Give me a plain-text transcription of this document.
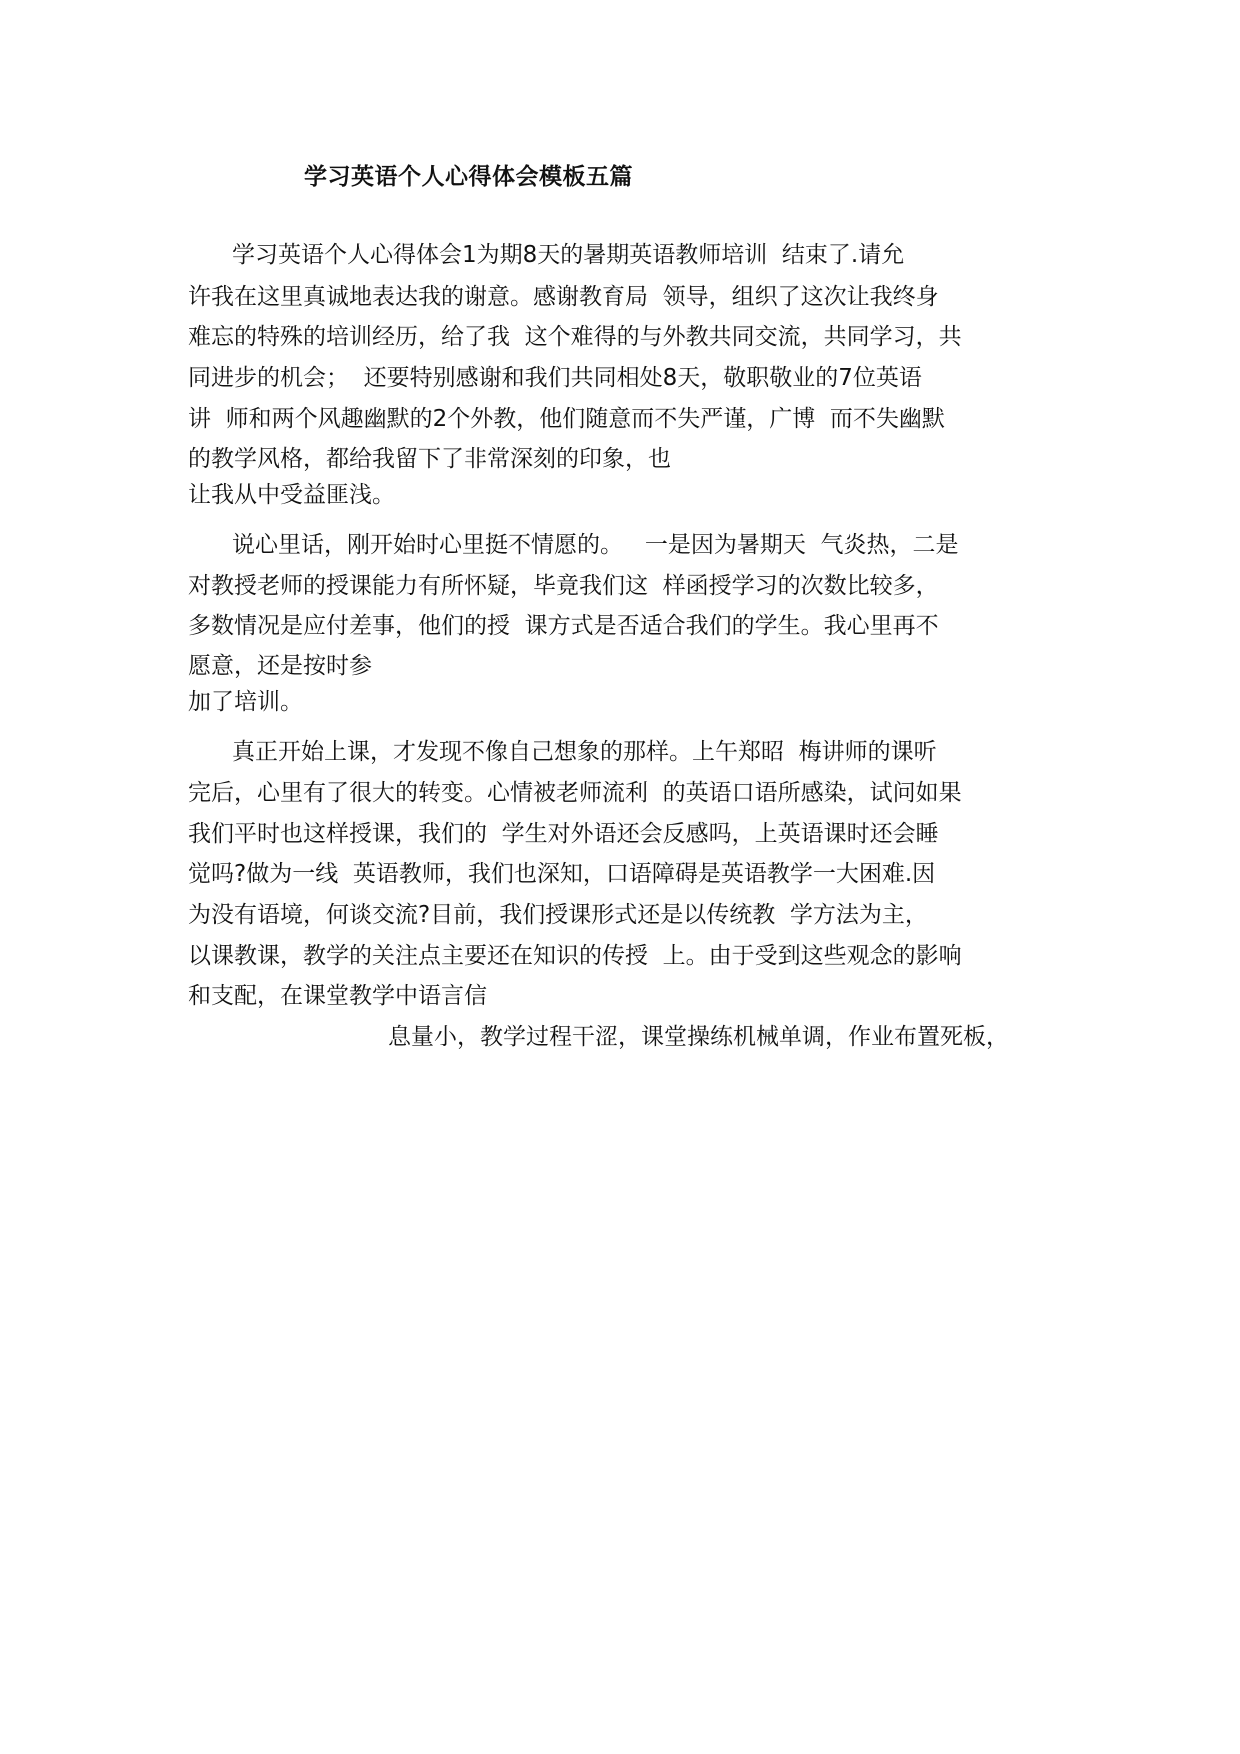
学习英语个人心得体会模板五篇
学习英语个人心得体会1为期8天的暑期英语教师培训  结束了.请允
许我在这里真诚地表达我的谢意。感谢教育局  领导，组织了这次让我终身
难忘的特殊的培训经历，给了我  这个难得的与外教共同交流，共同学习，共
同进步的机会；  还要特别感谢和我们共同相处8天，敬职敬业的7位英语
讲  师和两个风趣幽默的2个外教，他们随意而不失严谨，广博  而不失幽默
的教学风格，都给我留下了非常深刻的印象，也
让我从中受益匪浅。
说心里话，刚开始时心里挺不情愿的。   一是因为暑期天  气炎热，二是
对教授老师的授课能力有所怀疑，毕竟我们这  样函授学习的次数比较多，
多数情况是应付差事，他们的授  课方式是否适合我们的学生。我心里再不
愿意，还是按时参
加了培训。
真正开始上课，才发现不像自己想象的那样。上午郑昭  梅讲师的课听
完后，心里有了很大的转变。心情被老师流利  的英语口语所感染，试问如果
我们平时也这样授课，我们的  学生对外语还会反感吗，上英语课时还会睡
觉吗?做为一线  英语教师，我们也深知，口语障碍是英语教学一大困难.因
为没有语境，何谈交流?目前，我们授课形式还是以传统教  学方法为主，
以课教课，教学的关注点主要还在知识的传授  上。由于受到这些观念的影响
和支配，在课堂教学中语言信
息量小，教学过程干涩，课堂操练机械单调，作业布置死板，
